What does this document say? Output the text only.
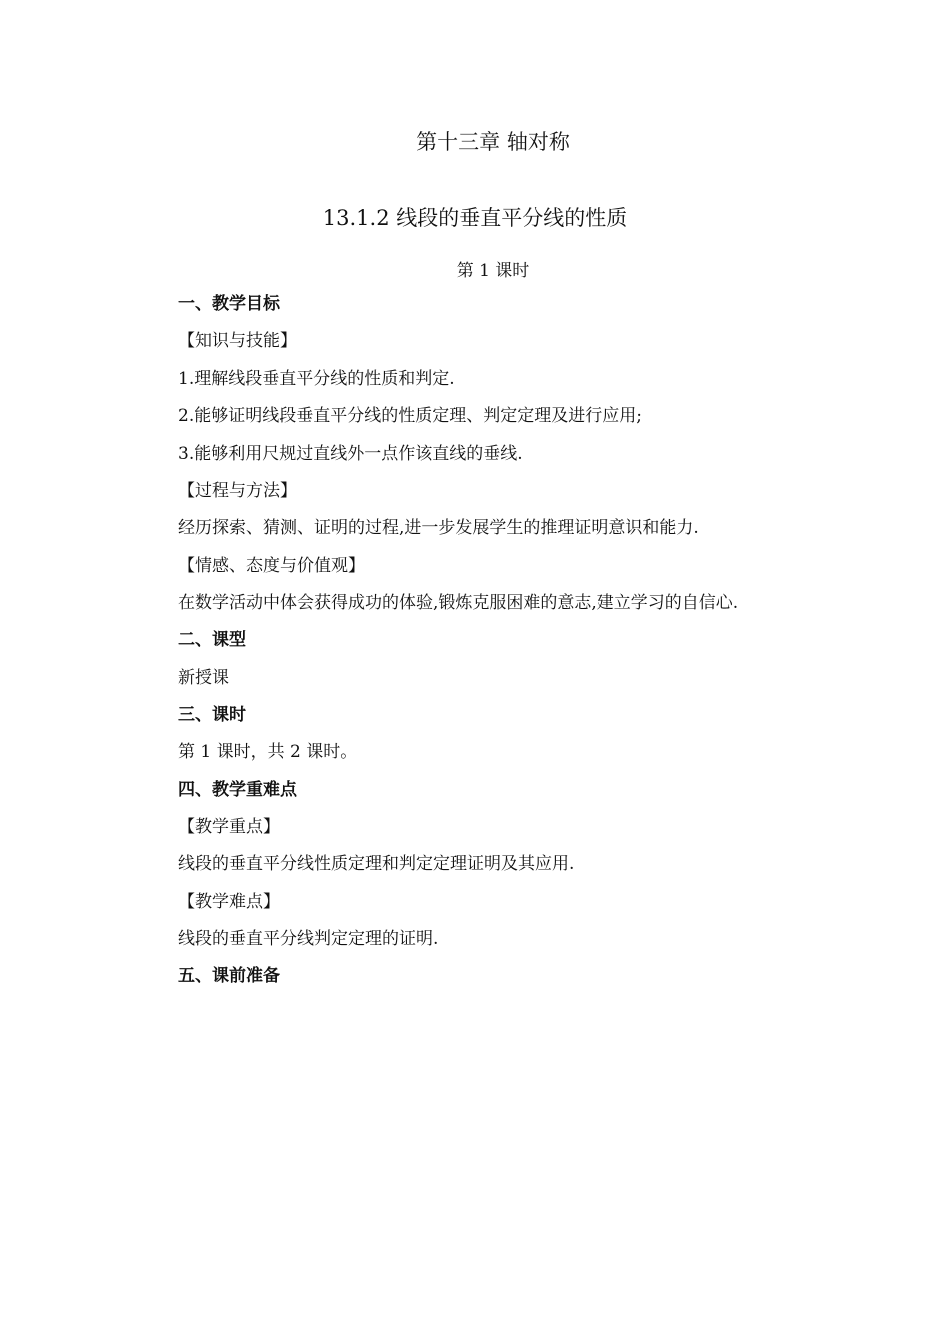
第十三章 轴对称
13.1.2 线段的垂直平分线的性质
第 1 课时
一、教学目标
【知识与技能】
1.理解线段垂直平分线的性质和判定.
2.能够证明线段垂直平分线的性质定理、判定定理及进行应用;
3.能够利用尺规过直线外一点作该直线的垂线.
【过程与方法】
经历探索、猜测、证明的过程,进一步发展学生的推理证明意识和能力.
【情感、态度与价值观】
在数学活动中体会获得成功的体验,锻炼克服困难的意志,建立学习的自信心.
二、课型
新授课
三、课时
第 1 课时，共 2 课时。
四、教学重难点
【教学重点】
线段的垂直平分线性质定理和判定定理证明及其应用.
【教学难点】
线段的垂直平分线判定定理的证明.
五、课前准备
